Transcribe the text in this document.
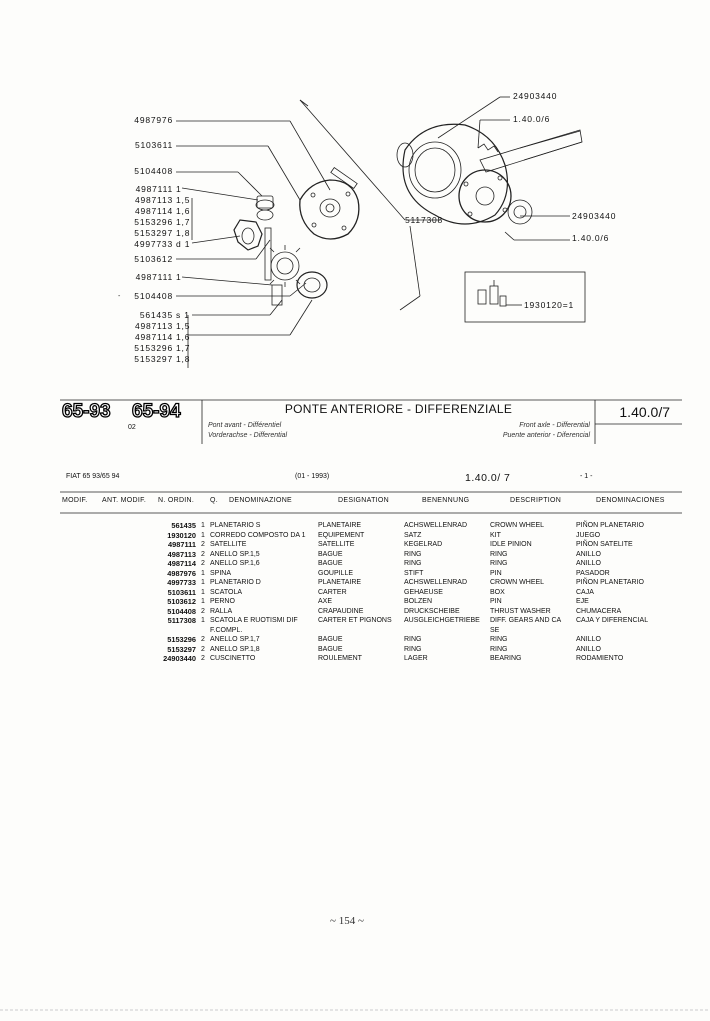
-
4987976
5103611
5104408
4987111
4987113
4987114
5153296
5153297
4997733
5103612
4987111
5104408
561435
4987113
4987114
5153296
5153297
1
1,5
1,6
1,7
1,8
d 1
1
s 1
1,5
1,6
1,7
1,8
24903440
1.40.0/6
5117308	24903440
1.40.0/6
1930120=1
65-93 65-94
02
PONTE ANTERIORE - DIFFERENZIALE
Pont avant - Différentiel
Vorderachse - Differential
Front axle - Differential
Puente anterior - Diferencial
1.40.0/7
FIAT 65 93/65 94	(01 - 1993)	1.40.0/ 7	- 1 -
MODIF. ANT. MODIF. N. ORDIN. Q. DENOMINAZIONE	DESIGNATION	BENENNUNG	DESCRIPTION	DENOMINACIONES
561435	1	PLANETARIO S	PLANETAIRE	ACHSWELLENRAD	CROWN WHEEL	PIÑON PLANETARIO
1930120	1	CORREDO COMPOSTO DA 1	EQUIPEMENT	SATZ	KIT	JUEGO
4987111	2	SATELLITE	SATELLITE	KEGELRAD	IDLE PINION	PIÑON SATELITE
4987113	2	ANELLO SP.1,5	BAGUE	RING	RING	ANILLO
4987114	2	ANELLO SP.1,6	BAGUE	RING	RING	ANILLO
4987976	1	SPINA	GOUPILLE	STIFT	PIN	PASADOR
4997733	1	PLANETARIO D	PLANETAIRE	ACHSWELLENRAD	CROWN WHEEL	PIÑON PLANETARIO
5103611	1	SCATOLA	CARTER	GEHAEUSE	BOX	CAJA
5103612	1	PERNO	AXE	BOLZEN	PIN	EJE
5104408	2	RALLA	CRAPAUDINE	DRUCKSCHEIBE	THRUST WASHER	CHUMACERA
5117308	1	SCATOLA E RUOTISMI DIF	CARTER ET PIGNONS	AUSGLEICHGETRIEBE	DIFF. GEARS AND CA	CAJA Y DIFERENCIAL
		F.COMPL.			SE	
5153296	2	ANELLO SP.1,7	BAGUE	RING	RING	ANILLO
5153297	2	ANELLO SP.1,8	BAGUE	RING	RING	ANILLO
24903440	2	CUSCINETTO	ROULEMENT	LAGER	BEARING	RODAMIENTO
~ 154 ~
